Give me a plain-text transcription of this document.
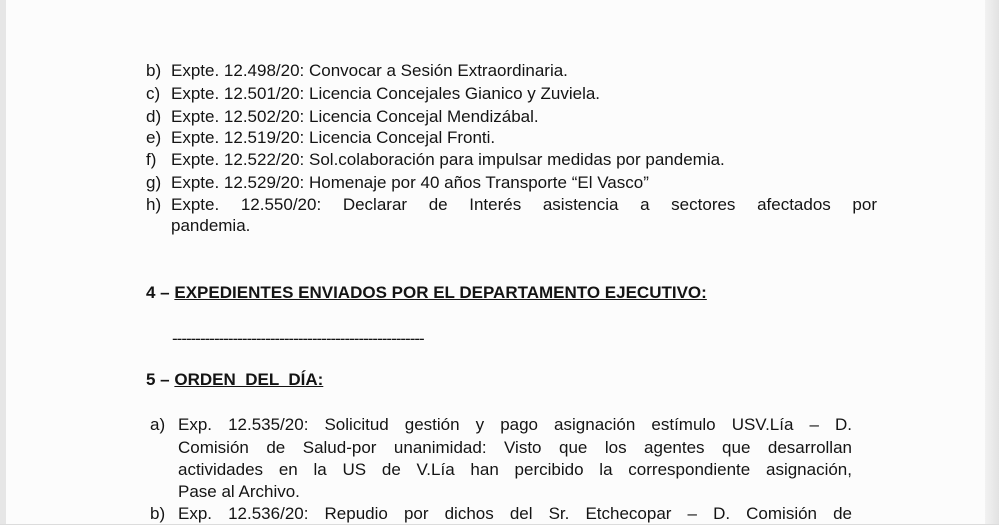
b) Expte. 12.498/20: Convocar a Sesión Extraordinaria.
c) Expte. 12.501/20: Licencia Concejales Gianico y Zuviela.
d) Expte. 12.502/20: Licencia Concejal Mendizábal.
e) Expte. 12.519/20: Licencia Concejal Fronti.
f) Expte. 12.522/20: Sol.colaboración para impulsar medidas por pandemia.
g) Expte. 12.529/20: Homenaje por 40 años Transporte “El Vasco”
h) Expte. 12.550/20: Declarar de Interés asistencia a sectores afectados por
pandemia.
4 – EXPEDIENTES ENVIADOS POR EL DEPARTAMENTO EJECUTIVO:
------------------------------------------------------
5 – ORDEN  DEL  DÍA:
a) Exp. 12.535/20: Solicitud gestión y pago asignación estímulo USV.Lía – D.
Comisión de Salud-por unanimidad: Visto que los agentes que desarrollan
actividades en la US de V.Lía han percibido la correspondiente asignación,
Pase al Archivo.
b) Exp. 12.536/20: Repudio por dichos del Sr. Etchecopar – D. Comisión de
